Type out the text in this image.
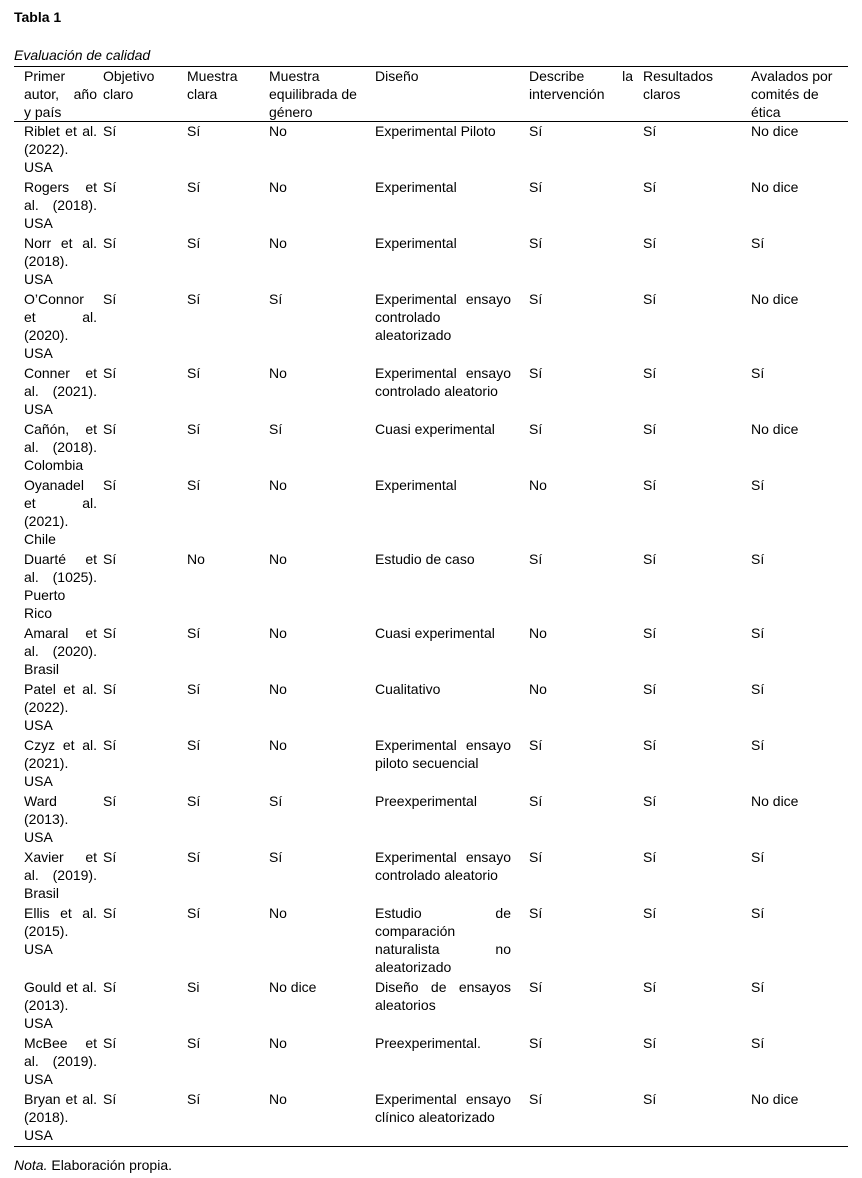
Tabla 1
Evaluación de calidad
Primer autor, año y país	Objetivo claro	Muestra clara	Muestra equilibrada de género	Diseño	Describe la intervención	Resultados claros	Avalados por comités de ética

Riblet et al. (2022). USA	Sí	Sí	No	Experimental Piloto	Sí	Sí	No dice

Rogers et al. (2018). USA	Sí	Sí	No	Experimental	Sí	Sí	No dice

Norr et al. (2018). USA	Sí	Sí	No	Experimental	Sí	Sí	Sí

O’Connor et al. (2020). USA	Sí	Sí	Sí	Experimental ensayo controlado aleatorizado	Sí	Sí	No dice

Conner et al. (2021). USA	Sí	Sí	No	Experimental ensayo controlado aleatorio	Sí	Sí	Sí

Cañón, et al. (2018). Colombia	Sí	Sí	Sí	Cuasi experimental	Sí	Sí	No dice

Oyanadel et al. (2021). Chile	Sí	Sí	No	Experimental	No	Sí	Sí

Duarté et al. (1025). Puerto Rico	Sí	No	No	Estudio de caso	Sí	Sí	Sí

Amaral et al. (2020). Brasil	Sí	Sí	No	Cuasi experimental	No	Sí	Sí

Patel et al. (2022). USA	Sí	Sí	No	Cualitativo	No	Sí	Sí

Czyz et al. (2021). USA	Sí	Sí	No	Experimental ensayo piloto secuencial	Sí	Sí	Sí

Ward (2013). USA	Sí	Sí	Sí	Preexperimental	Sí	Sí	No dice

Xavier et al. (2019). Brasil	Sí	Sí	Sí	Experimental ensayo controlado aleatorio	Sí	Sí	Sí

Ellis et al. (2015). USA	Sí	Sí	No	Estudio de comparación naturalista no aleatorizado	Sí	Sí	Sí

Gould et al. (2013). USA	Sí	Si	No dice	Diseño de ensayos aleatorios	Sí	Sí	Sí

McBee et al. (2019). USA	Sí	Sí	No	Preexperimental.	Sí	Sí	Sí

Bryan et al. (2018). USA	Sí	Sí	No	Experimental ensayo clínico aleatorizado	Sí	Sí	No dice

Nota. Elaboración propia.
